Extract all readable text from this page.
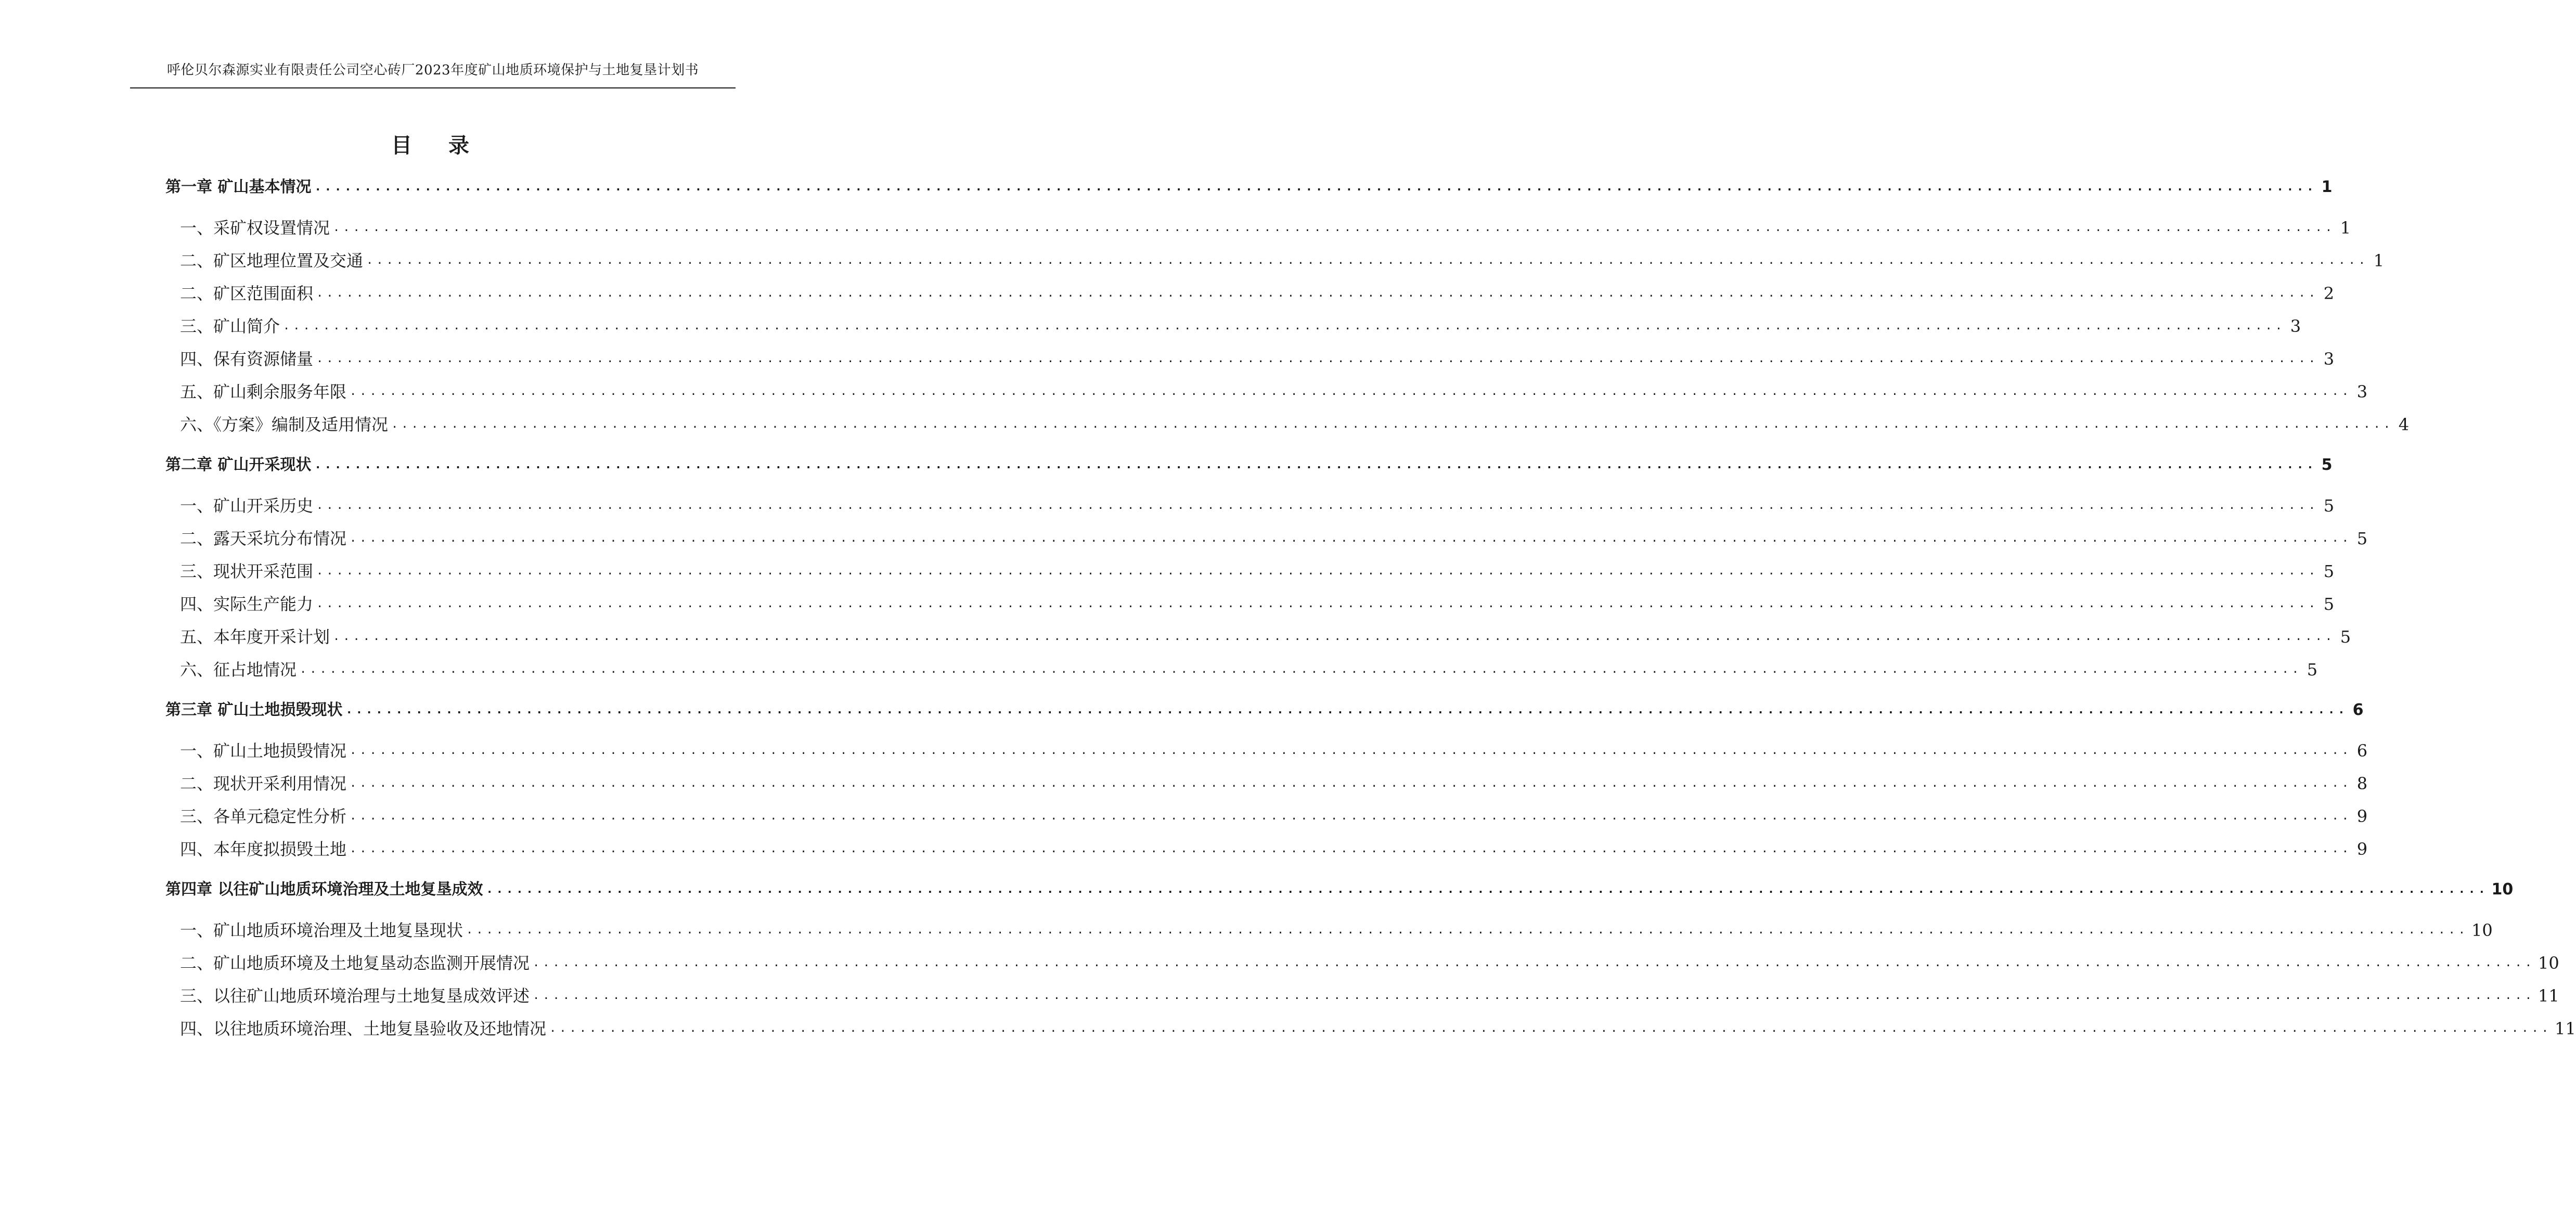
呼伦贝尔森源实业有限责任公司空心砖厂2023年度矿山地质环境保护与土地复垦计划书
目 录
第一章 矿山基本情况 ........................................................................................................................................................................................................ 1
一、采矿权设置情况 ........................................................................................................................................................................................................ 1
二、矿区地理位置及交通 ........................................................................................................................................................................................................ 1
二、矿区范围面积 ........................................................................................................................................................................................................ 2
三、矿山简介 ........................................................................................................................................................................................................ 3
四、保有资源储量 ........................................................................................................................................................................................................ 3
五、矿山剩余服务年限 ........................................................................................................................................................................................................ 3
六、《方案》编制及适用情况 ........................................................................................................................................................................................................ 4
第二章 矿山开采现状 ........................................................................................................................................................................................................ 5
一、矿山开采历史 ........................................................................................................................................................................................................ 5
二、露天采坑分布情况 ........................................................................................................................................................................................................ 5
三、现状开采范围 ........................................................................................................................................................................................................ 5
四、实际生产能力 ........................................................................................................................................................................................................ 5
五、本年度开采计划 ........................................................................................................................................................................................................ 5
六、征占地情况 ........................................................................................................................................................................................................ 5
第三章 矿山土地损毁现状 ........................................................................................................................................................................................................ 6
一、矿山土地损毁情况 ........................................................................................................................................................................................................ 6
二、现状开采利用情况 ........................................................................................................................................................................................................ 8
三、各单元稳定性分析 ........................................................................................................................................................................................................ 9
四、本年度拟损毁土地 ........................................................................................................................................................................................................ 9
第四章 以往矿山地质环境治理及土地复垦成效 ........................................................................................................................................................................................................ 10
一、矿山地质环境治理及土地复垦现状 ........................................................................................................................................................................................................ 10
二、矿山地质环境及土地复垦动态监测开展情况 ........................................................................................................................................................................................................ 10
三、以往矿山地质环境治理与土地复垦成效评述 ........................................................................................................................................................................................................ 11
四、以往地质环境治理、土地复垦验收及还地情况 ........................................................................................................................................................................................................ 11
